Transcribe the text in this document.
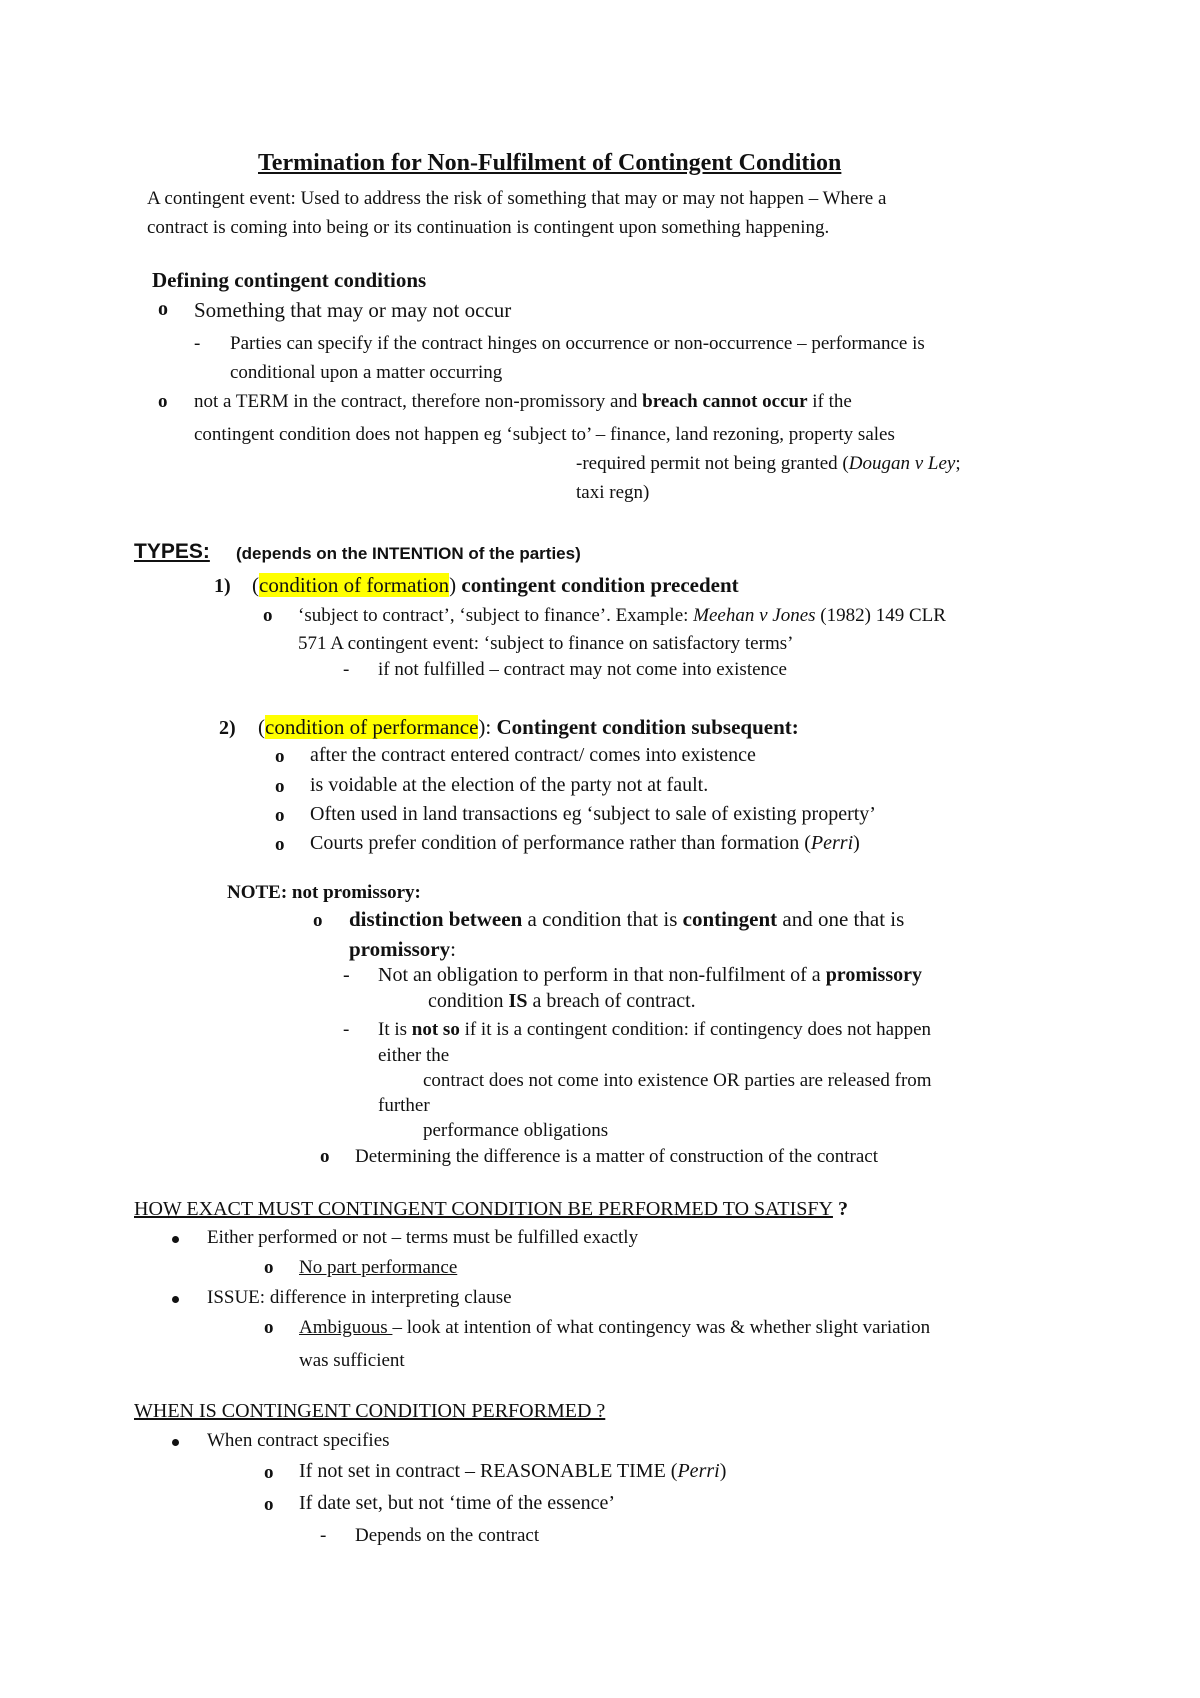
Termination for Non-Fulfilment of Contingent Condition
A contingent event: Used to address the risk of something that may or may not happen – Where a
contract is coming into being or its continuation is contingent upon something happening.
Defining contingent conditions
o Something that may or may not occur
- Parties can specify if the contract hinges on occurrence or non-occurrence – performance is
conditional upon a matter occurring
o not a TERM in the contract, therefore non-promissory and breach cannot occur if the
contingent condition does not happen eg ‘subject to’ – finance, land rezoning, property sales
-required permit not being granted (Dougan v Ley;
taxi regn)
TYPES: (depends on the INTENTION of the parties)
1) (condition of formation) contingent condition precedent
o ‘subject to contract’, ‘subject to finance’. Example: Meehan v Jones (1982) 149 CLR
571 A contingent event: ‘subject to finance on satisfactory terms’
- if not fulfilled – contract may not come into existence
2) (condition of performance): Contingent condition subsequent:
o after the contract entered contract/ comes into existence
o is voidable at the election of the party not at fault.
o Often used in land transactions eg ‘subject to sale of existing property’
o Courts prefer condition of performance rather than formation (Perri)
NOTE: not promissory:
o distinction between a condition that is contingent and one that is
promissory:
- Not an obligation to perform in that non-fulfilment of a promissory
condition IS a breach of contract.
- It is not so if it is a contingent condition: if contingency does not happen
either the
contract does not come into existence OR parties are released from
further
performance obligations
o Determining the difference is a matter of construction of the contract
HOW EXACT MUST CONTINGENT CONDITION BE PERFORMED TO SATISFY ?
Either performed or not – terms must be fulfilled exactly
o No part performance
ISSUE: difference in interpreting clause
o Ambiguous – look at intention of what contingency was & whether slight variation
was sufficient
WHEN IS CONTINGENT CONDITION PERFORMED ?
When contract specifies
o If not set in contract – REASONABLE TIME (Perri)
o If date set, but not ‘time of the essence’
- Depends on the contract
